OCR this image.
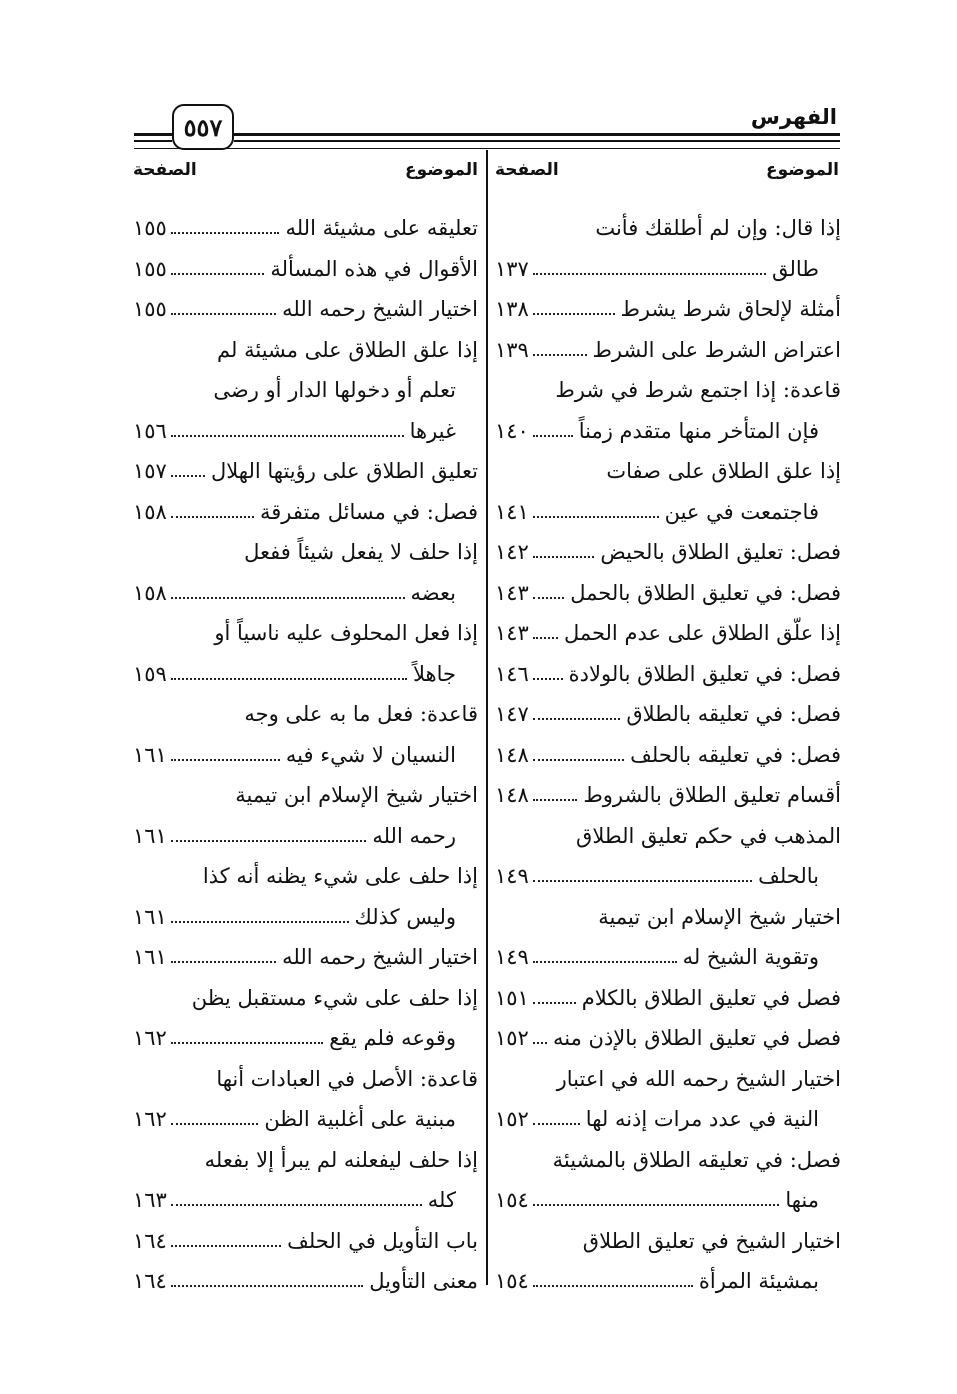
الفهرس
٥٥٧
الموضوع
الصفحة
الموضوع
الصفحة
إذا قال: وإن لم أطلقك فأنت
طالق
١٣٧
أمثلة لإلحاق شرط يشرط
١٣٨
اعتراض الشرط على الشرط
١٣٩
قاعدة: إذا اجتمع شرط في شرط
فإن المتأخر منها متقدم زمناً
١٤٠
إذا علق الطلاق على صفات
فاجتمعت في عين
١٤١
فصل: تعليق الطلاق بالحيض
١٤٢
فصل: في تعليق الطلاق بالحمل
١٤٣
إذا علّق الطلاق على عدم الحمل
١٤٣
فصل: في تعليق الطلاق بالولادة
١٤٦
فصل: في تعليقه بالطلاق
١٤٧
فصل: في تعليقه بالحلف
١٤٨
أقسام تعليق الطلاق بالشروط
١٤٨
المذهب في حكم تعليق الطلاق
بالحلف
١٤٩
اختيار شيخ الإسلام ابن تيمية
وتقوية الشيخ له
١٤٩
فصل في تعليق الطلاق بالكلام
١٥١
فصل في تعليق الطلاق بالإذن منه
١٥٢
اختيار الشيخ رحمه الله في اعتبار
النية في عدد مرات إذنه لها
١٥٢
فصل: في تعليقه الطلاق بالمشيئة
منها
١٥٤
اختيار الشيخ في تعليق الطلاق
بمشيئة المرأة
١٥٤
تعليقه على مشيئة الله
١٥٥
الأقوال في هذه المسألة
١٥٥
اختيار الشيخ رحمه الله
١٥٥
إذا علق الطلاق على مشيئة لم
تعلم أو دخولها الدار أو رضى
غيرها
١٥٦
تعليق الطلاق على رؤيتها الهلال
١٥٧
فصل: في مسائل متفرقة
١٥٨
إذا حلف لا يفعل شيئاً ففعل
بعضه
١٥٨
إذا فعل المحلوف عليه ناسياً أو
جاهلاً
١٥٩
قاعدة: فعل ما به على وجه
النسيان لا شيء فيه
١٦١
اختيار شيخ الإسلام ابن تيمية
رحمه الله
١٦١
إذا حلف على شيء يظنه أنه كذا
وليس كذلك
١٦١
اختيار الشيخ رحمه الله
١٦١
إذا حلف على شيء مستقبل يظن
وقوعه فلم يقع
١٦٢
قاعدة: الأصل في العبادات أنها
مبنية على أغلبية الظن
١٦٢
إذا حلف ليفعلنه لم يبرأ إلا بفعله
كله
١٦٣
باب التأويل في الحلف
١٦٤
معنى التأويل
١٦٤
